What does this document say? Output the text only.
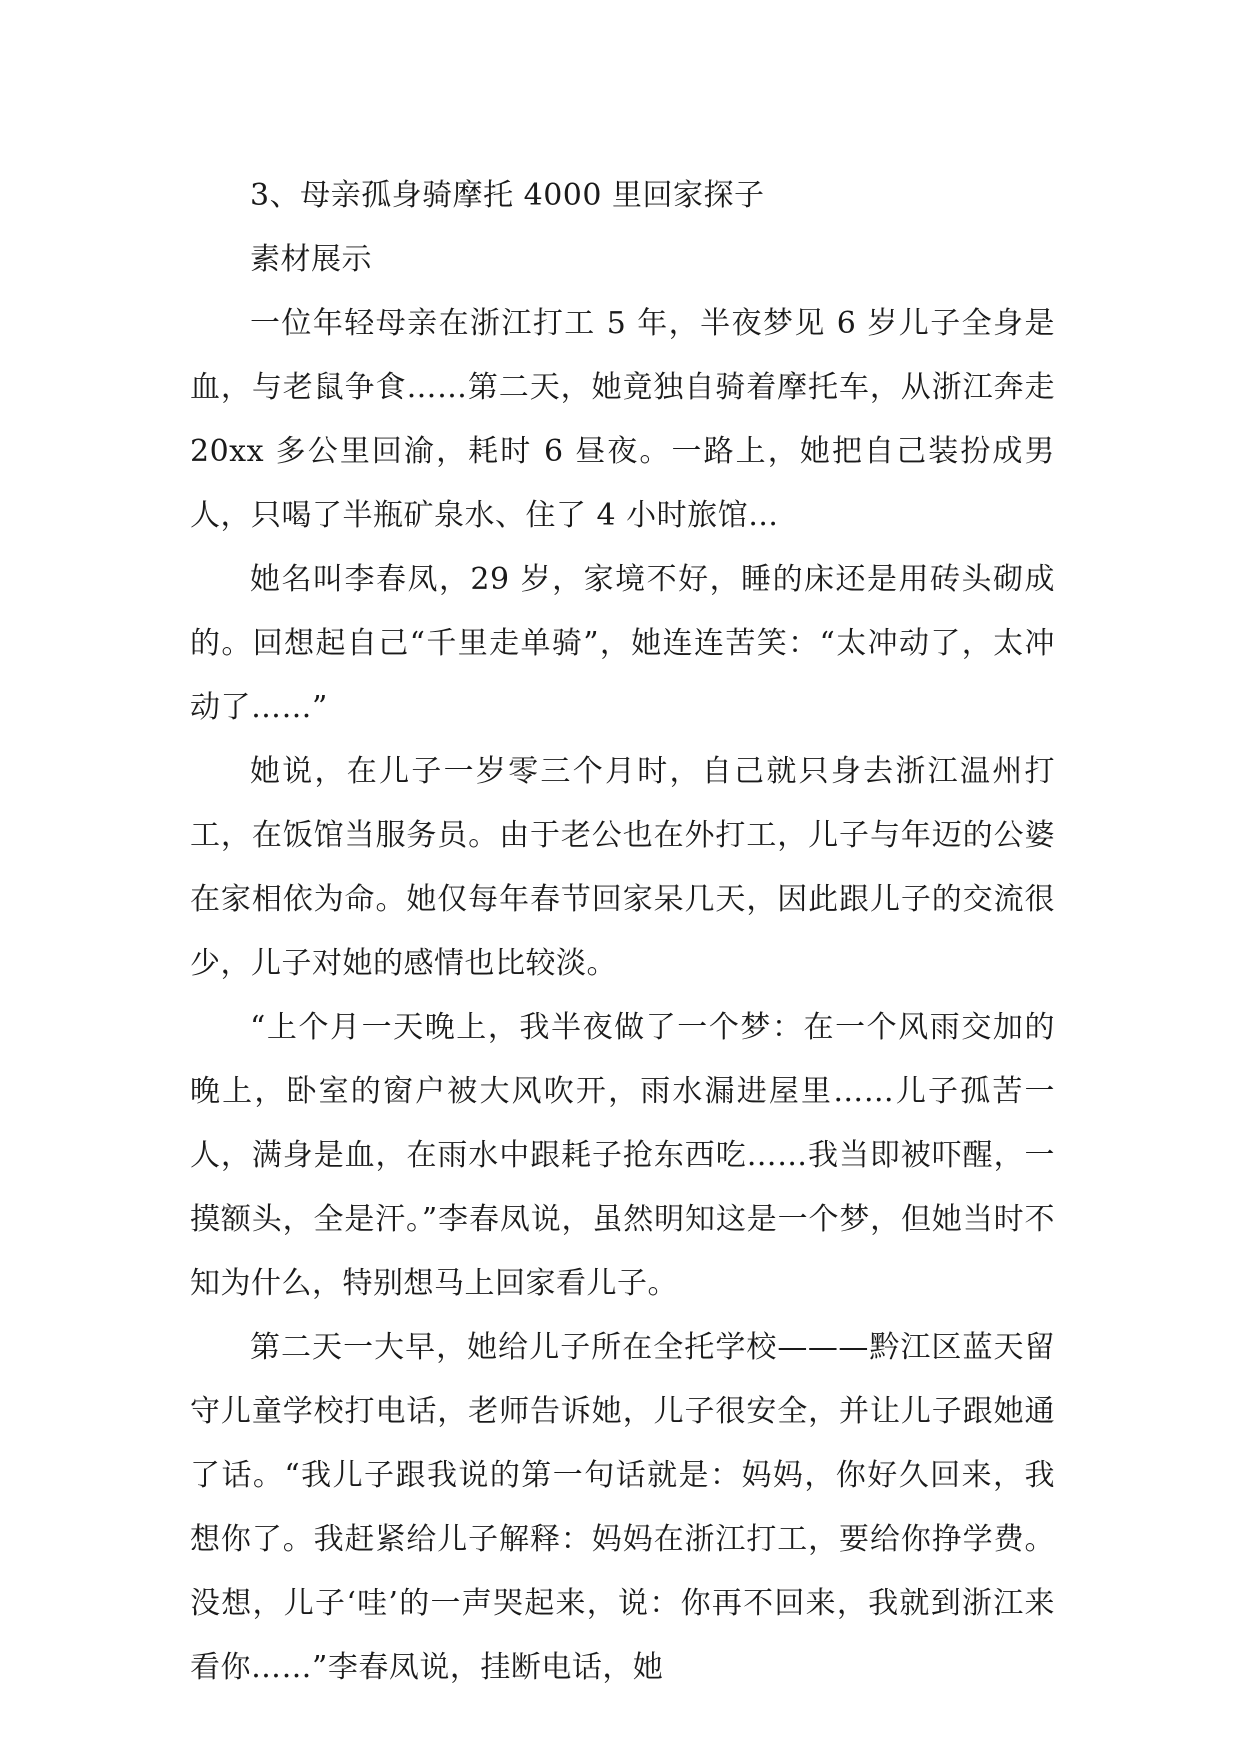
3、母亲孤身骑摩托 4000 里回家探子

素材展示

一位年轻母亲在浙江打工 5 年，半夜梦见 6 岁儿子全身是血，与老鼠争食……第二天，她竟独自骑着摩托车，从浙江奔走 20xx 多公里回渝，耗时 6 昼夜。一路上，她把自己装扮成男人，只喝了半瓶矿泉水、住了 4 小时旅馆…

她名叫李春凤，29 岁，家境不好，睡的床还是用砖头砌成的。回想起自己“千里走单骑”，她连连苦笑：“太冲动了，太冲动了……”

她说，在儿子一岁零三个月时，自己就只身去浙江温州打工，在饭馆当服务员。由于老公也在外打工，儿子与年迈的公婆在家相依为命。她仅每年春节回家呆几天，因此跟儿子的交流很少，儿子对她的感情也比较淡。

“上个月一天晚上，我半夜做了一个梦：在一个风雨交加的晚上，卧室的窗户被大风吹开，雨水漏进屋里……儿子孤苦一人，满身是血，在雨水中跟耗子抢东西吃……我当即被吓醒，一摸额头，全是汗。”李春凤说，虽然明知这是一个梦，但她当时不知为什么，特别想马上回家看儿子。

第二天一大早，她给儿子所在全托学校———黔江区蓝天留守儿童学校打电话，老师告诉她，儿子很安全，并让儿子跟她通了话。“我儿子跟我说的第一句话就是：妈妈，你好久回来，我想你了。我赶紧给儿子解释：妈妈在浙江打工，要给你挣学费。没想，儿子‘哇’的一声哭起来，说：你再不回来，我就到浙江来看你……”李春凤说，挂断电话，她
